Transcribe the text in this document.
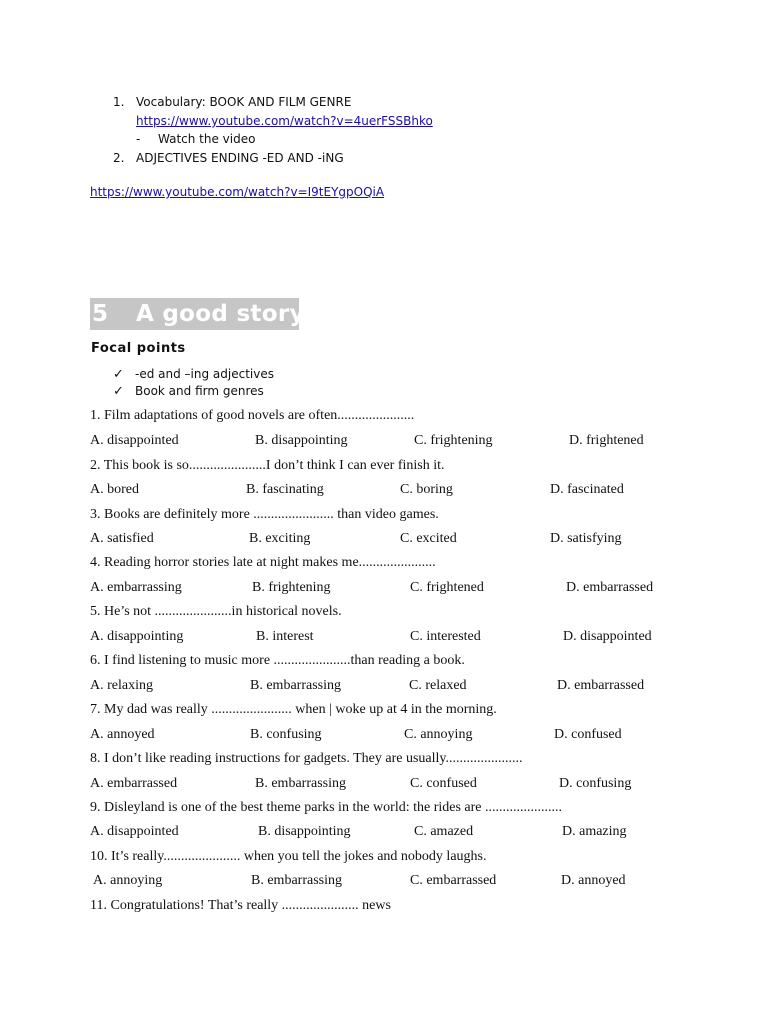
1. Vocabulary: BOOK AND FILM GENRE
https://www.youtube.com/watch?v=4uerFSSBhko
- Watch the video
2. ADJECTIVES ENDING -ED AND -iNG
https://www.youtube.com/watch?v=I9tEYgpOQiA
5 A good story!
Focal points
✓ -ed and –ing adjectives
✓ Book and firm genres
1. Film adaptations of good novels are often......................
A. disappointed	B. disappointing	C. frightening	D. frightened
2. This book is so......................I don’t think I can ever finish it.
A. bored	B. fascinating	C. boring	D. fascinated
3. Books are definitely more ....................... than video games.
A. satisfied	B. exciting	C. excited	D. satisfying
4. Reading horror stories late at night makes me......................
A. embarrassing	B. frightening	C. frightened	D. embarrassed
5. He’s not ......................in historical novels.
A. disappointing	B. interest	C. interested	D. disappointed
6. I find listening to music more ......................than reading a book.
A. relaxing	B. embarrassing	C. relaxed	D. embarrassed
7. My dad was really ....................... when | woke up at 4 in the morning.
A. annoyed	B. confusing	C. annoying	D. confused
8. I don’t like reading instructions for gadgets. They are usually......................
A. embarrassed	B. embarrassing	C. confused	D. confusing
9. Disleyland is one of the best theme parks in the world: the rides are ......................
A. disappointed	B. disappointing	C. amazed	D. amazing
10. It’s really...................... when you tell the jokes and nobody laughs.
A. annoying	B. embarrassing	C. embarrassed	D. annoyed
11. Congratulations! That’s really ...................... news
